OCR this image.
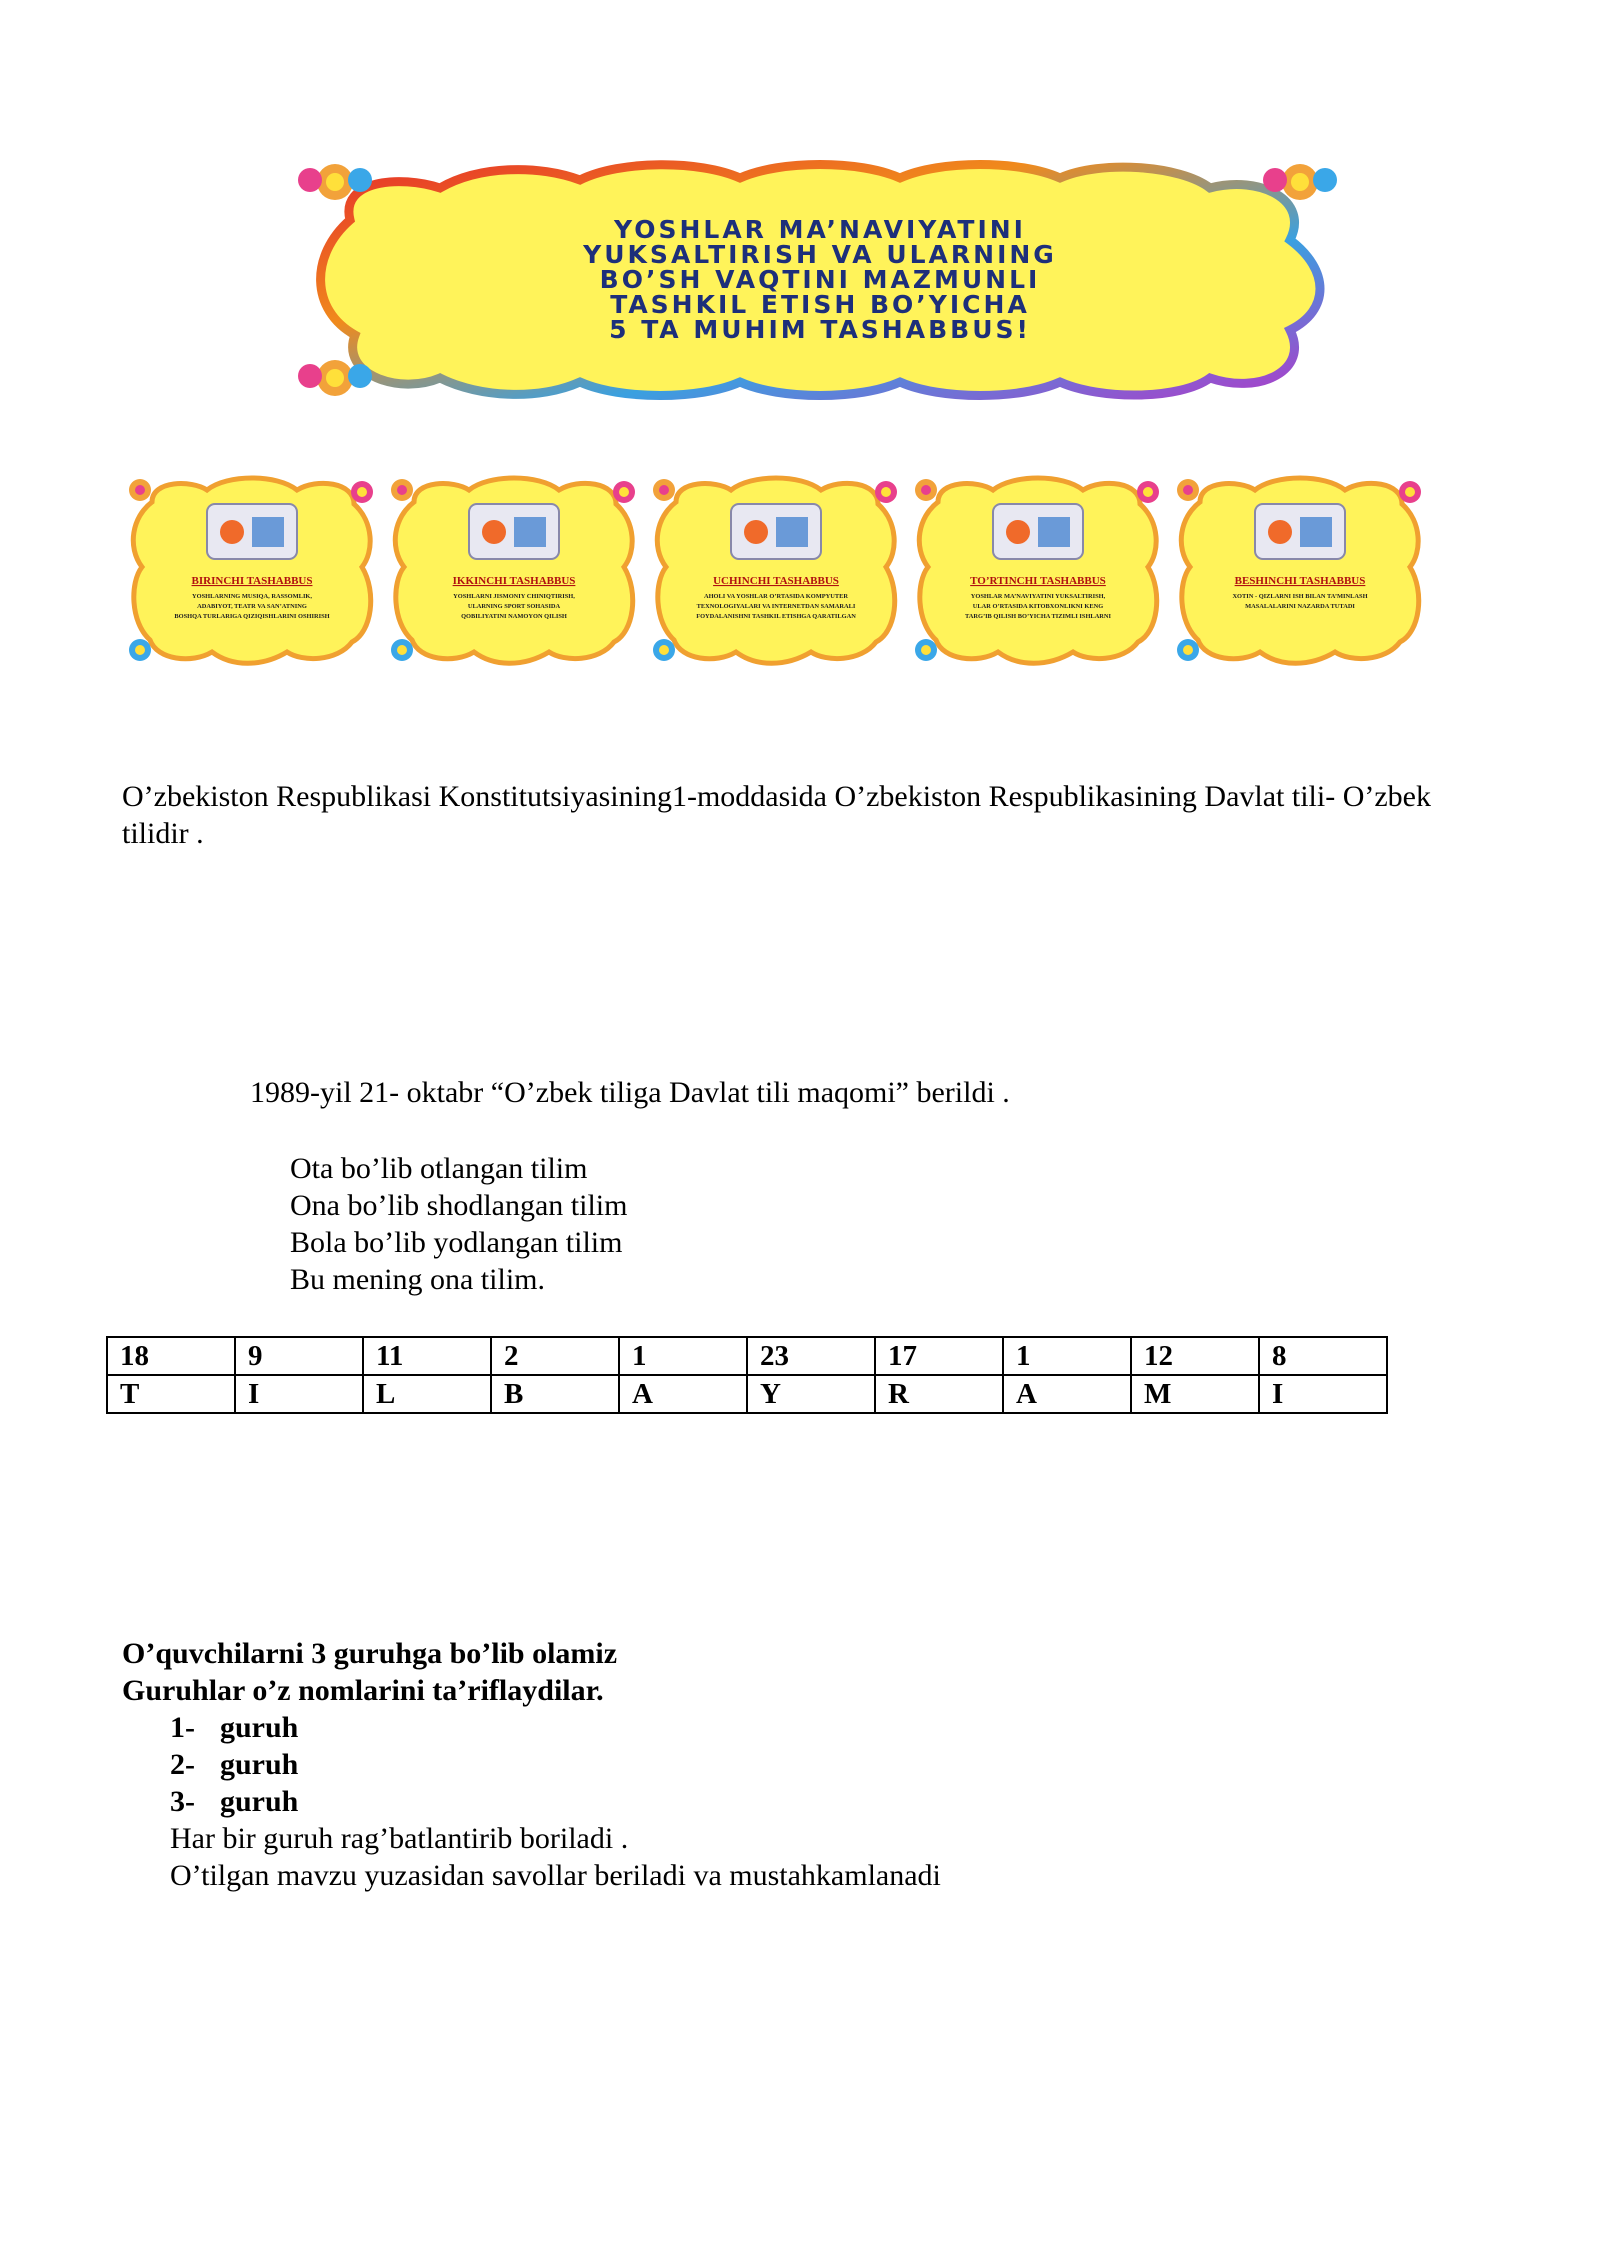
YOSHLAR MA’NAVIYATINI
YUKSALTIRISH VA ULARNING
BO’SH VAQTINI MAZMUNLI
TASHKIL ETISH BO’YICHA
5 TA MUHIM TASHABBUS!
BIRINCHI TASHABBUS
YOSHLARNING MUSIQA, RASSOMLIK,
ADABIYOT, TEATR VA SAN’ATNING
BOSHQA TURLARIGA QIZIQISHLARINI OSHIRISH
IKKINCHI TASHABBUS
YOSHLARNI JISMONIY CHINIQTIRISH,
ULARNING SPORT SOHASIDA
QOBILIYATINI NAMOYON QILISH
UCHINCHI TASHABBUS
AHOLI VA YOSHLAR O’RTASIDA KOMPYUTER
TEXNOLOGIYALARI VA INTERNETDAN SAMARALI
FOYDALANISHNI TASHKIL ETISHGA QARATILGAN
TO’RTINCHI TASHABBUS
YOSHLAR MA’NAVIYATINI YUKSALTIRISH,
ULAR O’RTASIDA KITOBXONLIKNI KENG
TARG’IB QILISH BO’YICHA TIZIMLI ISHLARNI
BESHINCHI TASHABBUS
XOTIN - QIZLARNI ISH BILAN TA’MINLASH
MASALALARINI NAZARDA TUTADI
O’zbekiston Respublikasi Konstitutsiyasining1-moddasida O’zbekiston Respublikasining Davlat tili- O’zbek tilidir .
1989-yil 21- oktabr “O’zbek tiliga Davlat tili maqomi” berildi .
Ota bo’lib otlangan tilim
Ona bo’lib shodlangan tilim
Bola bo’lib yodlangan tilim
Bu mening ona tilim.
18	9	11	2	1	23	17	1	12	8
T	I	L	B	A	Y	R	A	M	I
O’quvchilarni 3 guruhga bo’lib olamiz
Guruhlar o’z nomlarini ta’riflaydilar.
1- guruh
2- guruh
3- guruh
Har bir guruh rag’batlantirib boriladi .
O’tilgan mavzu yuzasidan savollar beriladi va mustahkamlanadi
